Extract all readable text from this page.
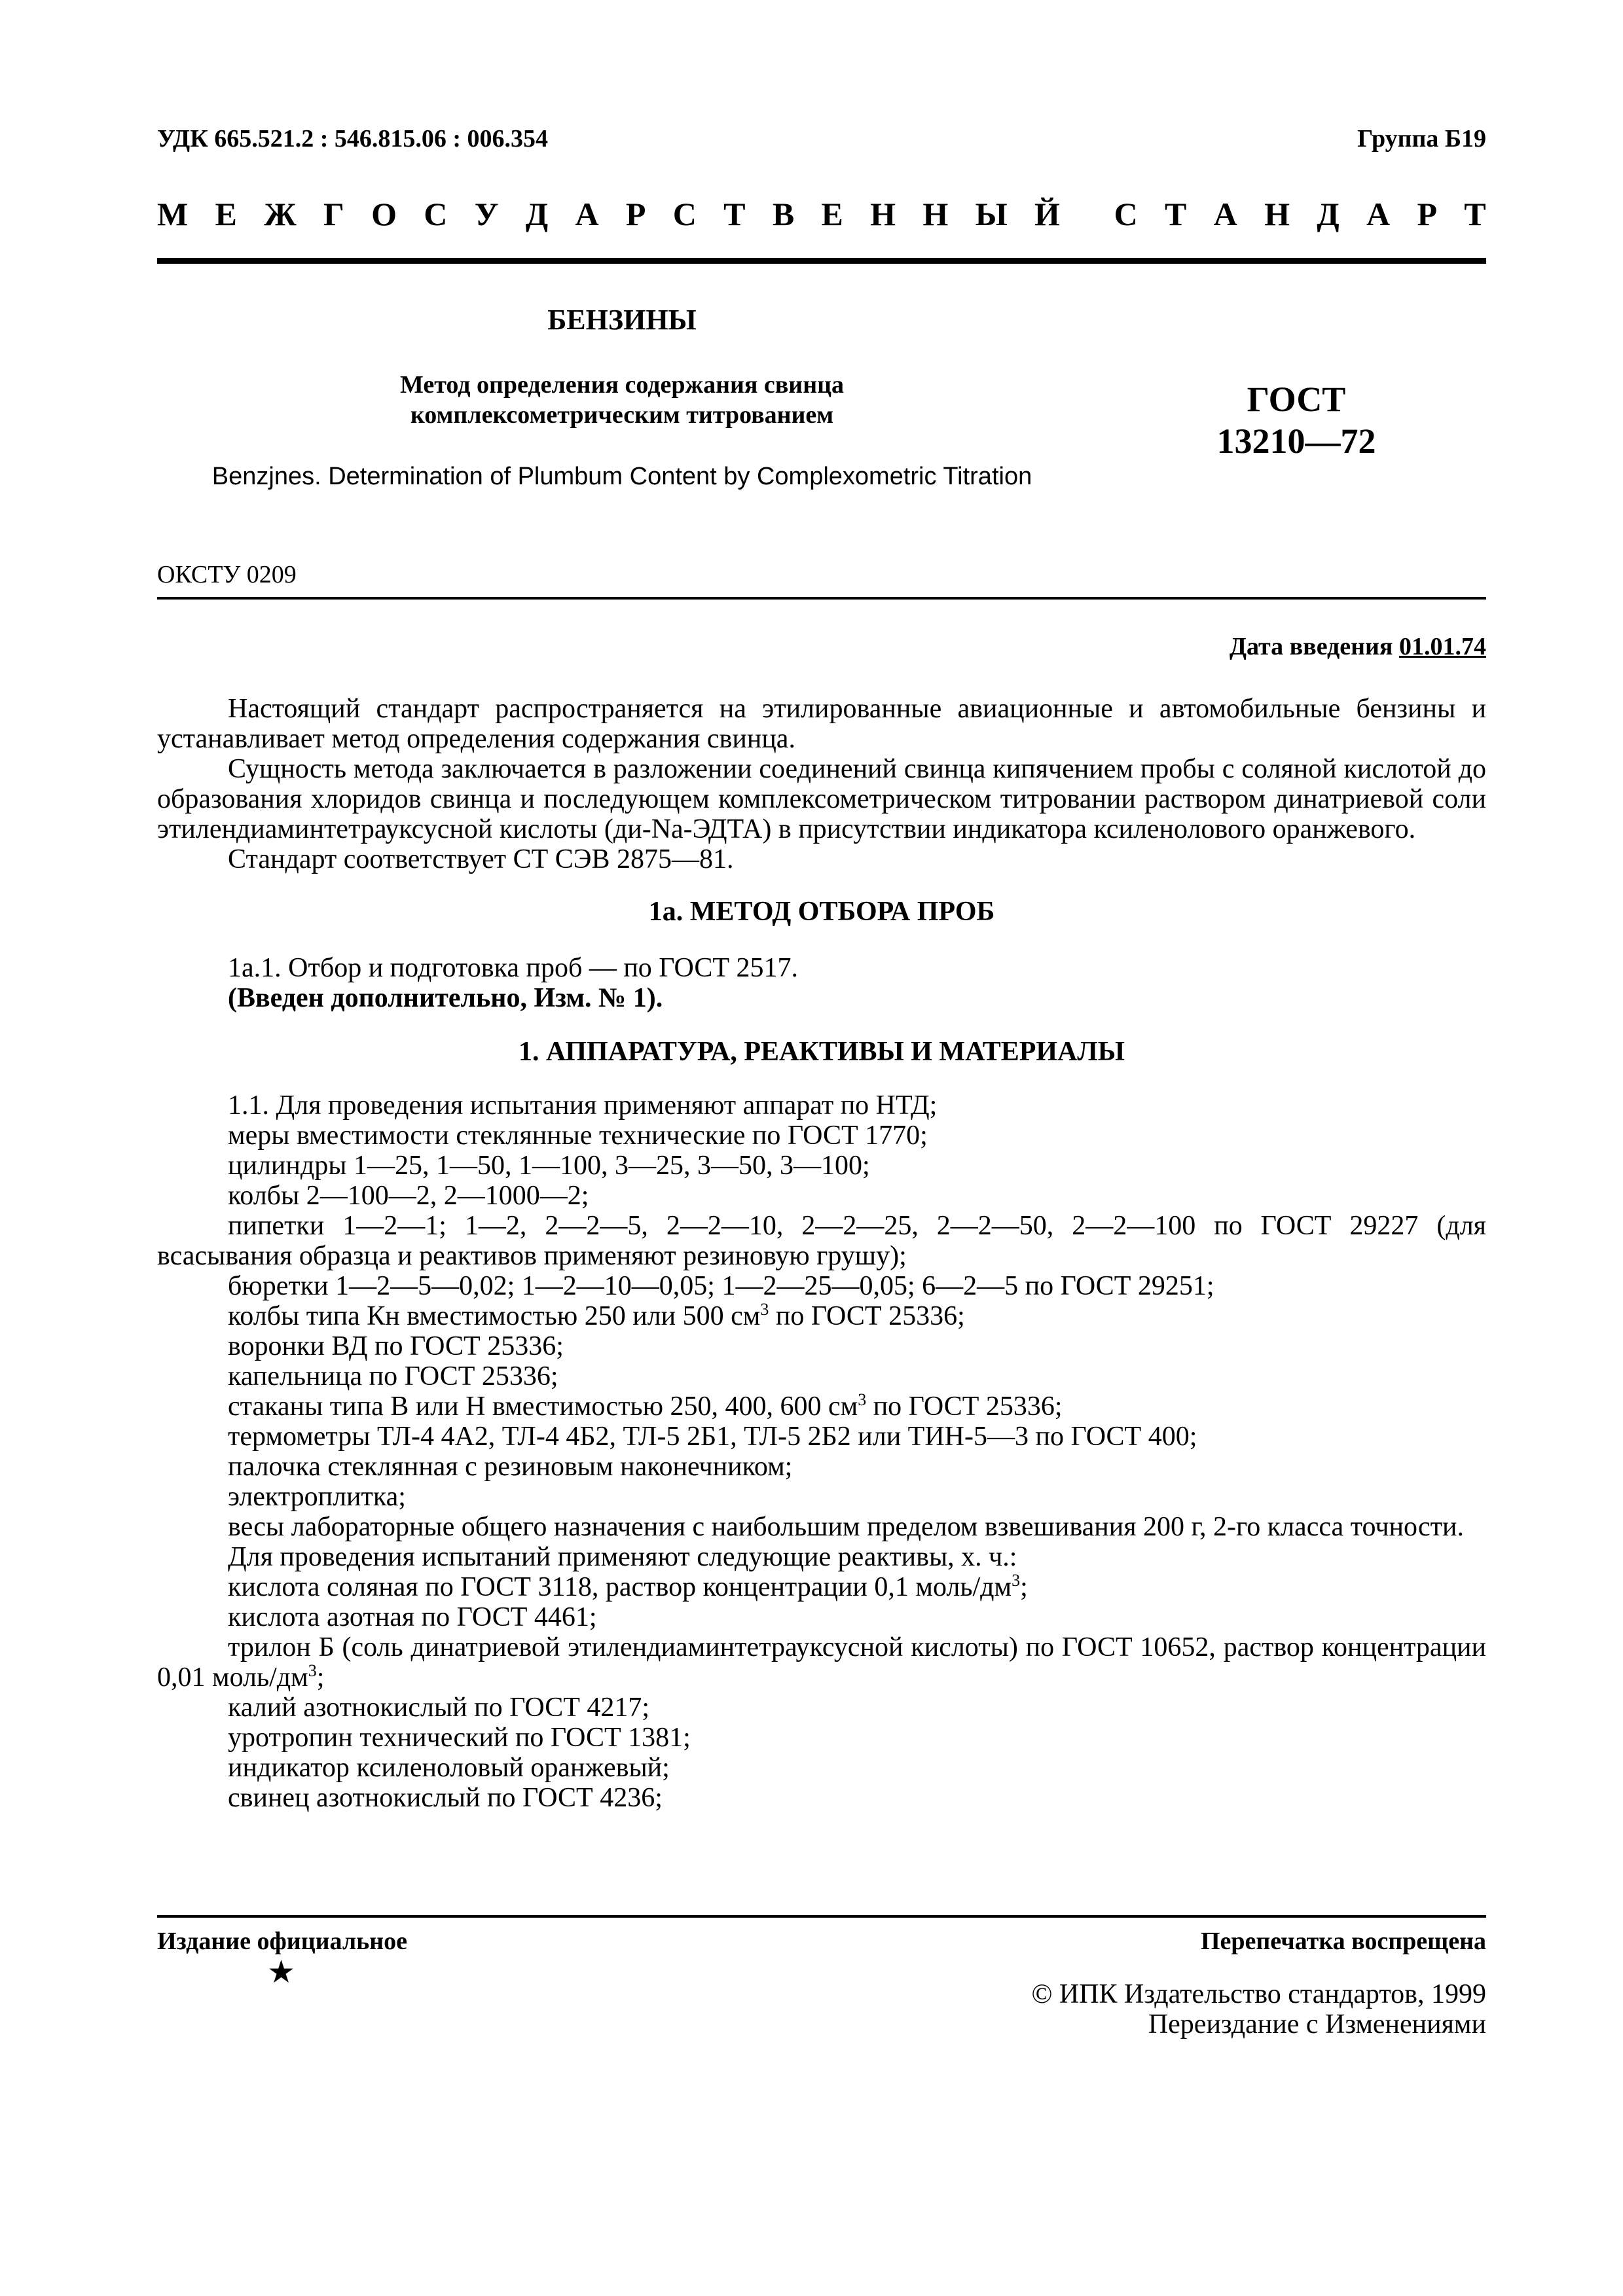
УДК 665.521.2 : 546.815.06 : 006.354	Группа Б19
М Е Ж Г О С У Д А Р С Т В Е Н Н Ы Й С Т А Н Д А Р Т
БЕНЗИНЫ
Метод определения содержания свинца
комплексометрическим титрованием
Benzjnes. Determination of Plumbum Content by Complexometric Titration
ГОСТ
13210—72
ОКСТУ 0209
Дата введения 01.01.74

Настоящий стандарт распространяется на этилированные авиационные и автомобильные бензины и устанавливает метод определения содержания свинца.

Сущность метода заключается в разложении соединений свинца кипячением пробы с соляной кислотой до образования хлоридов свинца и последующем комплексометрическом титровании раствором динатриевой соли этилендиаминтетрауксусной кислоты (ди-Na-ЭДТА) в присутствии индикатора ксиленолового оранжевого.

Стандарт соответствует СТ СЭВ 2875—81.

1а. МЕТОД ОТБОРА ПРОБ

1а.1. Отбор и подготовка проб — по ГОСТ 2517.

(Введен дополнительно, Изм. № 1).

1. АППАРАТУРА, РЕАКТИВЫ И МАТЕРИАЛЫ

1.1. Для проведения испытания применяют аппарат по НТД;

меры вместимости стеклянные технические по ГОСТ 1770;

цилиндры 1—25, 1—50, 1—100, 3—25, 3—50, 3—100;

колбы 2—100—2, 2—1000—2;

пипетки 1—2—1; 1—2, 2—2—5, 2—2—10, 2—2—25, 2—2—50, 2—2—100 по ГОСТ 29227 (для всасывания образца и реактивов применяют резиновую грушу);

бюретки 1—2—5—0,02; 1—2—10—0,05; 1—2—25—0,05; 6—2—5 по ГОСТ 29251;

колбы типа Кн вместимостью 250 или 500 $см^3$ по ГОСТ 25336;

воронки ВД по ГОСТ 25336;

капельница по ГОСТ 25336;

стаканы типа В или Н вместимостью 250, 400, 600 $см^3$ по ГОСТ 25336;

термометры ТЛ-4 4А2, ТЛ-4 4Б2, ТЛ-5 2Б1, ТЛ-5 2Б2 или ТИН-5—3 по ГОСТ 400;

палочка стеклянная с резиновым наконечником;

электроплитка;

весы лабораторные общего назначения с наибольшим пределом взвешивания 200 г, 2-го класса точности.

Для проведения испытаний применяют следующие реактивы, х. ч.:

кислота соляная по ГОСТ 3118, раствор концентрации 0,1 моль/$дм^3$;

кислота азотная по ГОСТ 4461;

трилон Б (соль динатриевой этилендиаминтетрауксусной кислоты) по ГОСТ 10652, раствор концентрации 0,01 моль/$дм^3$;

калий азотнокислый по ГОСТ 4217;

уротропин технический по ГОСТ 1381;

индикатор ксиленоловый оранжевый;

свинец азотнокислый по ГОСТ 4236;

Издание официальное	Перепечатка воспрещена
★
© ИПК Издательство стандартов, 1999
Переиздание с Изменениями
